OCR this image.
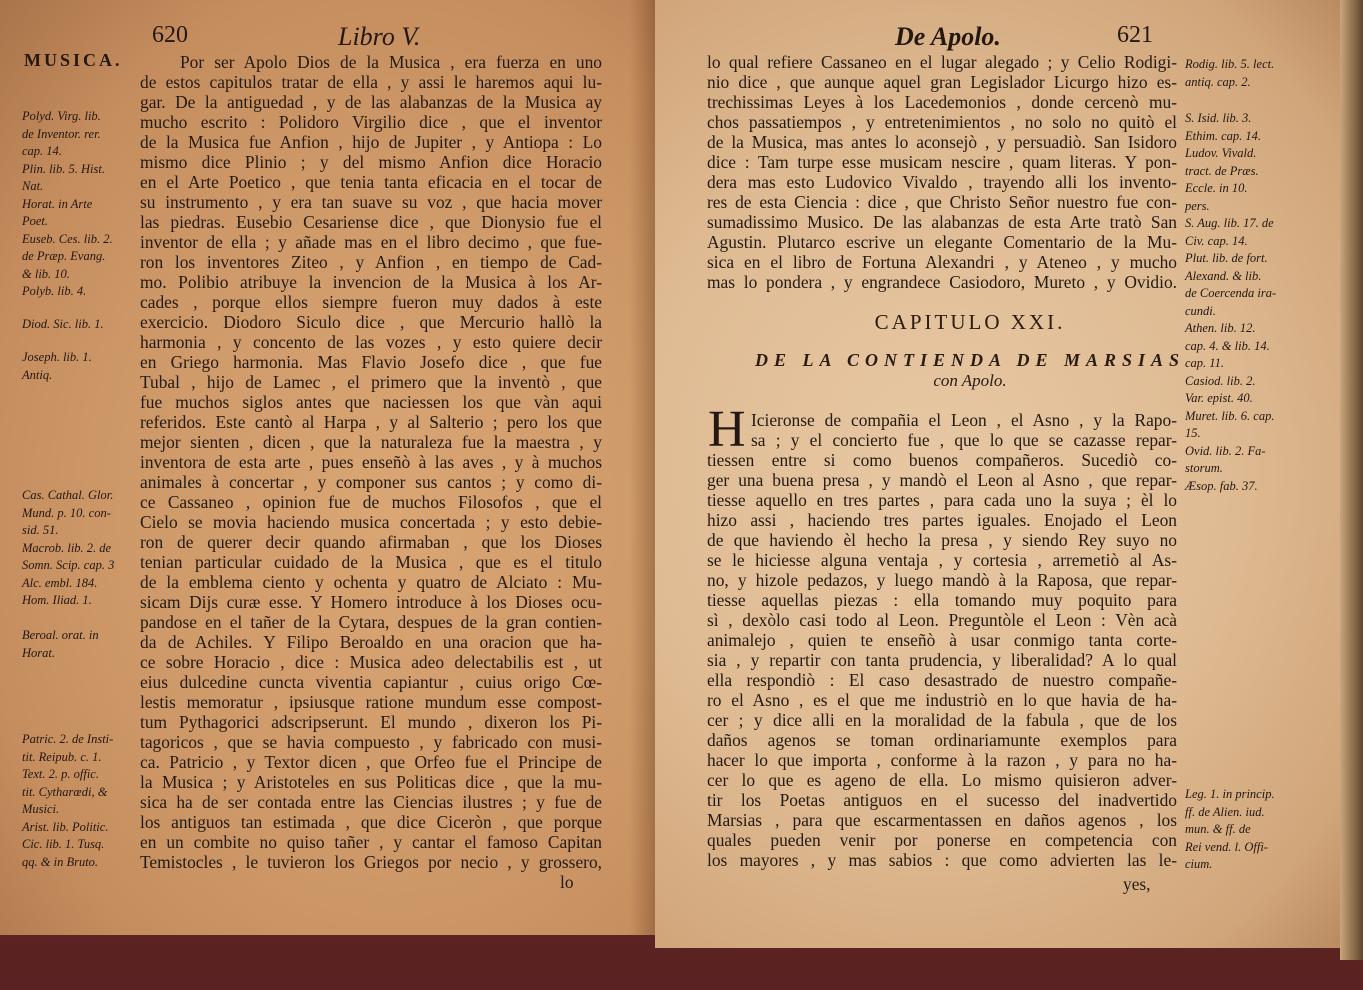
620	Libro V.
MUSICA.
Polyd. Virg. lib.
de Inventor. rer.
cap. 14.
Plin. lib. 5. Hist.
Nat.
Horat. in Arte
Poet.
Euseb. Ces. lib. 2.
de Præp. Evang.
& lib. 10.
Polyb. lib. 4.
Diod. Sic. lib. 1.
Joseph. lib. 1.
Antiq.
Cas. Cathal. Glor.
Mund. p. 10. con-
sid. 51.
Macrob. lib. 2. de
Somn. Scip. cap. 3
Alc. embl. 184.
Hom. Iliad. 1.
Beroal. orat. in
Horat.
Patric. 2. de Insti-
tit. Reipub. c. 1.
Text. 2. p. offic.
tit. Cytharœdi, &
Musici.
Arist. lib. Politic.
Cic. lib. 1. Tusq.
qq. & in Bruto.
Por ser Apolo Dios de la Musica , era fuerza en uno
de estos capitulos tratar de ella , y assi le haremos aqui lu-
gar. De la antiguedad , y de las alabanzas de la Musica ay
mucho escrito : Polidoro Virgilio dice , que el inventor
de la Musica fue Anfion , hijo de Jupiter , y Antiopa : Lo
mismo dice Plinio ; y del mismo Anfion dice Horacio
en el Arte Poetico , que tenia tanta eficacia en el tocar de
su instrumento , y era tan suave su voz , que hacia mover
las piedras. Eusebio Cesariense dice , que Dionysio fue el
inventor de ella ; y añade mas en el libro decimo , que fue-
ron los inventores Ziteo , y Anfion , en tiempo de Cad-
mo. Polibio atribuye la invencion de la Musica à los Ar-
cades , porque ellos siempre fueron muy dados à este
exercicio. Diodoro Siculo dice , que Mercurio hallò la
harmonia , y concento de las vozes , y esto quiere decir
en Griego harmonia. Mas Flavio Josefo dice , que fue
Tubal , hijo de Lamec , el primero que la inventò , que
fue muchos siglos antes que naciessen los que vàn aqui
referidos. Este cantò al Harpa , y al Salterio ; pero los que
mejor sienten , dicen , que la naturaleza fue la maestra , y
inventora de esta arte , pues enseñò à las aves , y à muchos
animales à concertar , y componer sus cantos ; y como di-
ce Cassaneo , opinion fue de muchos Filosofos , que el
Cielo se movia haciendo musica concertada ; y esto debie-
ron de querer decir quando afirmaban , que los Dioses
tenian particular cuidado de la Musica , que es el titulo
de la emblema ciento y ochenta y quatro de Alciato : Mu-
sicam Dijs curæ esse. Y Homero introduce à los Dioses ocu-
pandose en el tañer de la Cytara, despues de la gran contien-
da de Achiles. Y Filipo Beroaldo en una oracion que ha-
ce sobre Horacio , dice : Musica adeo delectabilis est , ut
eius dulcedine cuncta viventia capiantur , cuius origo Cœ-
lestis memoratur , ipsiusque ratione mundum esse compost-
tum Pythagorici adscripserunt. El mundo , dixeron los Pi-
tagoricos , que se havia compuesto , y fabricado con musi-
ca. Patricio , y Textor dicen , que Orfeo fue el Principe de
la Musica ; y Aristoteles en sus Politicas dice , que la mu-
sica ha de ser contada entre las Ciencias ilustres ; y fue de
los antiguos tan estimada , que dice Ciceròn , que porque
en un combite no quiso tañer , y cantar el famoso Capitan
Temistocles , le tuvieron los Griegos por necio , y grossero,
lo
De Apolo.	621
lo qual refiere Cassaneo en el lugar alegado ; y Celio Rodigi-
nio dice , que aunque aquel gran Legislador Licurgo hizo es-
trechissimas Leyes à los Lacedemonios , donde cercenò mu-
chos passatiempos , y entretenimientos , no solo no quitò el
de la Musica, mas antes lo aconsejò , y persuadiò. San Isidoro
dice : Tam turpe esse musicam nescire , quam literas. Y pon-
dera mas esto Ludovico Vivaldo , trayendo alli los invento-
res de esta Ciencia : dice , que Christo Señor nuestro fue con-
sumadissimo Musico. De las alabanzas de esta Arte tratò San
Agustin. Plutarco escrive un elegante Comentario de la Mu-
sica en el libro de Fortuna Alexandri , y Ateneo , y mucho
mas lo pondera , y engrandece Casiodoro, Mureto , y Ovidio.
CAPITULO XXI.
DE LA CONTIENDA DE MARSIAS
con Apolo.
H Icieronse de compañia el Leon , el Asno , y la Rapo-
sa ; y el concierto fue , que lo que se cazasse repar-
tiessen entre si como buenos compañeros. Sucediò co-
ger una buena presa , y mandò el Leon al Asno , que repar-
tiesse aquello en tres partes , para cada uno la suya ; èl lo
hizo assi , haciendo tres partes iguales. Enojado el Leon
de que haviendo èl hecho la presa , y siendo Rey suyo no
se le hiciesse alguna ventaja , y cortesia , arremetiò al As-
no, y hizole pedazos, y luego mandò à la Raposa, que repar-
tiesse aquellas piezas : ella tomando muy poquito para
sì , dexòlo casi todo al Leon. Preguntòle el Leon : Vèn acà
animalejo , quien te enseñò à usar conmigo tanta corte-
sia , y repartir con tanta prudencia, y liberalidad? A lo qual
ella respondiò : El caso desastrado de nuestro compañe-
ro el Asno , es el que me industriò en lo que havia de ha-
cer ; y dice alli en la moralidad de la fabula , que de los
daños agenos se toman ordinariamunte exemplos para
hacer lo que importa , conforme à la razon , y para no ha-
cer lo que es ageno de ella. Lo mismo quisieron adver-
tir los Poetas antiguos en el sucesso del inadvertido
Marsias , para que escarmentassen en daños agenos , los
quales pueden venir por ponerse en competencia con
los mayores , y mas sabios : que como advierten las le-
yes,
Rodig. lib. 5. lect.
antiq. cap. 2.
S. Isid. lib. 3.
Ethim. cap. 14.
Ludov. Vivald.
tract. de Præs.
Eccle. in 10.
pers.
S. Aug. lib. 17. de
Civ. cap. 14.
Plut. lib. de fort.
Alexand. & lib.
de Coercenda ira-
cundi.
Athen. lib. 12.
cap. 4. & lib. 14.
cap. 11.
Casiod. lib. 2.
Var. epist. 40.
Muret. lib. 6. cap.
15.
Ovid. lib. 2. Fa-
storum.
Æsop. fab. 37.
Leg. 1. in princip.
ff. de Alien. iud.
mun. & ff. de
Rei vend. l. Offi-
cium.
